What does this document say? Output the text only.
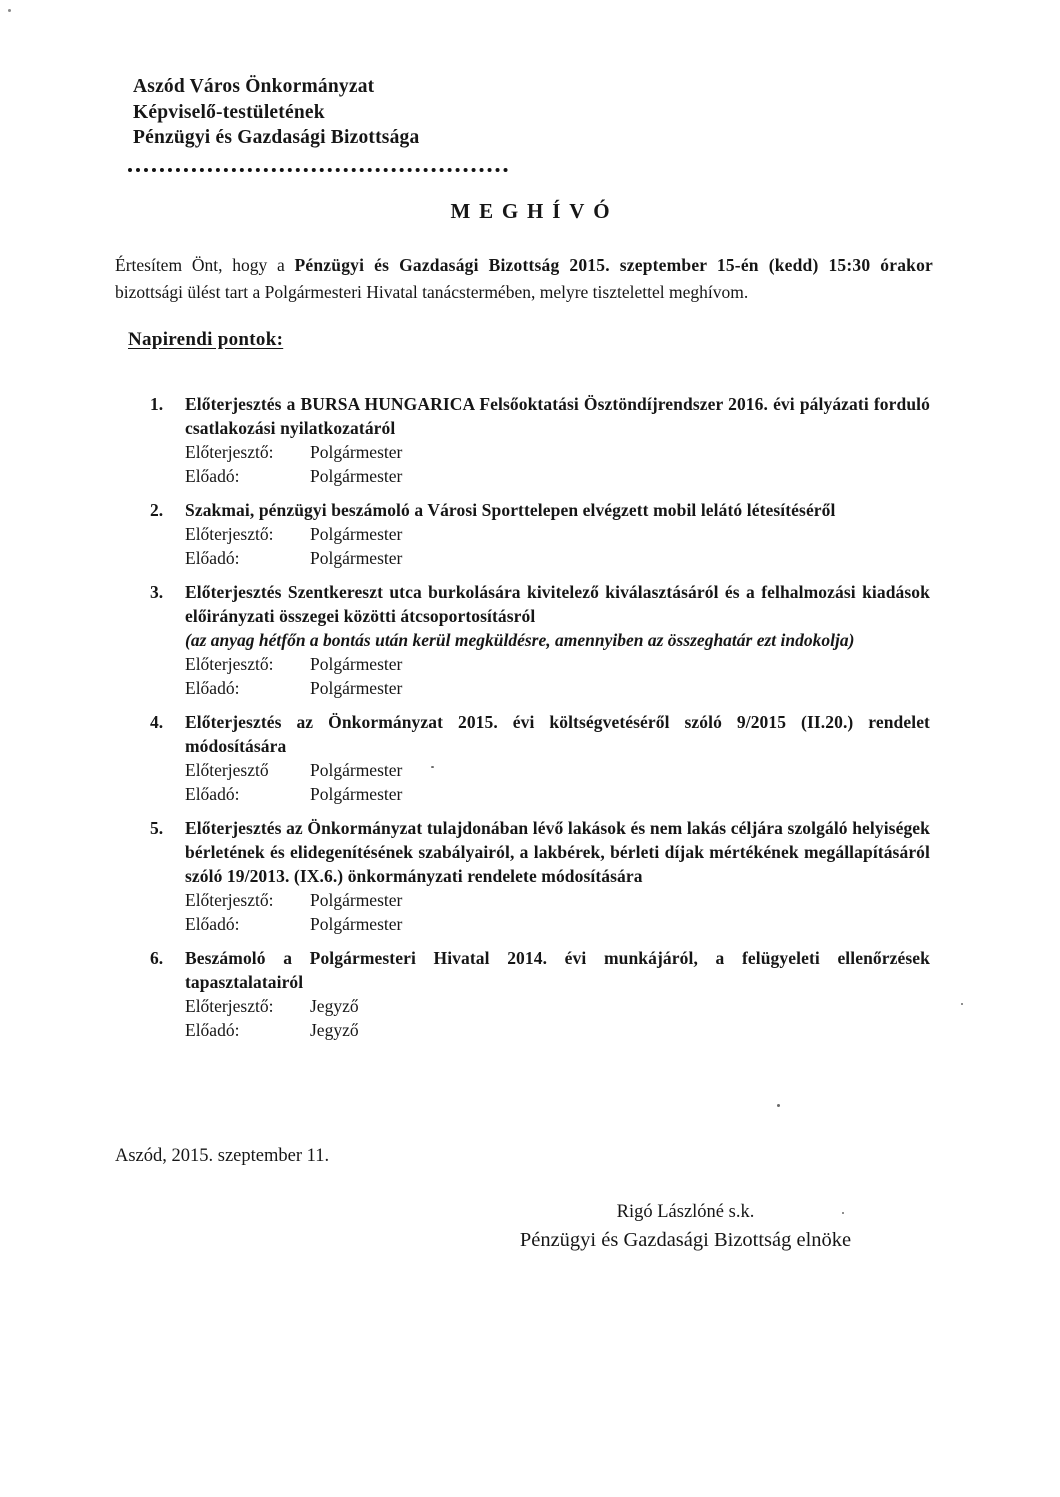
Aszód Város Önkormányzat
Képviselő-testületének
Pénzügyi és Gazdasági Bizottsága
MEGHÍVÓ

Értesítem Önt, hogy a Pénzügyi és Gazdasági Bizottság 2015. szeptember 15-én (kedd) 15:30 órakor bizottsági ülést tart a Polgármesteri Hivatal tanácstermében, melyre tisztelettel meghívom.

Napirendi pontok:
1.	Előterjesztés a BURSA HUNGARICA Felsőoktatási Ösztöndíjrendszer 2016. évi pályázati forduló csatlakozási nyilatkozatáról
Előterjesztő: Polgármester
Előadó:	Polgármester
2.	Szakmai, pénzügyi beszámoló a Városi Sporttelepen elvégzett mobil lelátó létesítéséről
Előterjesztő: Polgármester
Előadó:	Polgármester
3.	Előterjesztés Szentkereszt utca burkolására kivitelező kiválasztásáról és a felhalmozási kiadások előirányzati összegei közötti átcsoportosításról
(az anyag hétfőn a bontás után kerül megküldésre, amennyiben az összeghatár ezt indokolja)
Előterjesztő: Polgármester
Előadó:	Polgármester
4.	Előterjesztés az Önkormányzat 2015. évi költségvetéséről szóló 9/2015 (II.20.) rendelet módosítására
Előterjesztő Polgármester
Előadó:	Polgármester
5.	Előterjesztés az Önkormányzat tulajdonában lévő lakások és nem lakás céljára szolgáló helyiségek bérletének és elidegenítésének szabályairól, a lakbérek, bérleti díjak mértékének megállapításáról szóló 19/2013. (IX.6.) önkormányzati rendelete módosítására
Előterjesztő: Polgármester
Előadó:	Polgármester
6.	Beszámoló a Polgármesteri Hivatal 2014. évi munkájáról, a felügyeleti ellenőrzések tapasztalatairól
Előterjesztő: Jegyző
Előadó:	Jegyző
Aszód, 2015. szeptember 11.
Rigó Lászlóné s.k.
Pénzügyi és Gazdasági Bizottság elnöke
